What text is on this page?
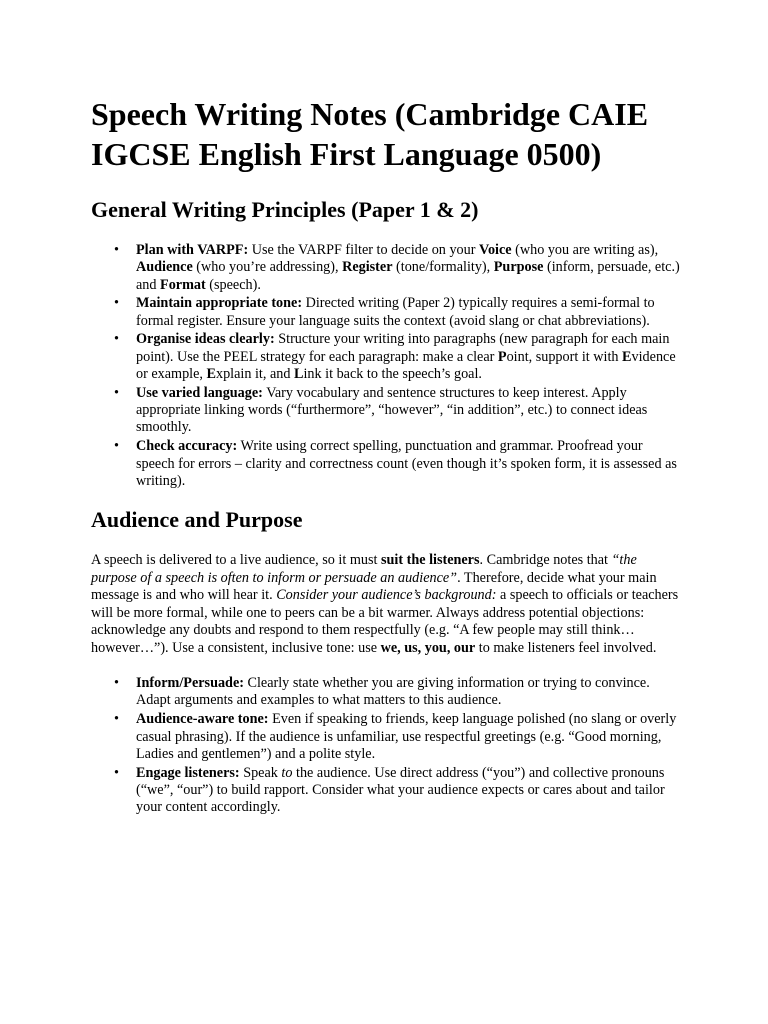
Speech Writing Notes (Cambridge CAIE IGCSE English First Language 0500)
General Writing Principles (Paper 1 & 2)
• Plan with VARPF: Use the VARPF filter to decide on your Voice (who you are writing as), Audience (who you’re addressing), Register (tone/formality), Purpose (inform, persuade, etc.) and Format (speech).
• Maintain appropriate tone: Directed writing (Paper 2) typically requires a semi-formal to formal register. Ensure your language suits the context (avoid slang or chat abbreviations).
• Organise ideas clearly: Structure your writing into paragraphs (new paragraph for each main point). Use the PEEL strategy for each paragraph: make a clear Point, support it with Evidence or example, Explain it, and Link it back to the speech’s goal.
• Use varied language: Vary vocabulary and sentence structures to keep interest. Apply appropriate linking words (“furthermore”, “however”, “in addition”, etc.) to connect ideas smoothly.
• Check accuracy: Write using correct spelling, punctuation and grammar. Proofread your speech for errors – clarity and correctness count (even though it’s spoken form, it is assessed as writing).
Audience and Purpose

A speech is delivered to a live audience, so it must suit the listeners. Cambridge notes that “the purpose of a speech is often to inform or persuade an audience”. Therefore, decide what your main message is and who will hear it. Consider your audience’s background: a speech to officials or teachers will be more formal, while one to peers can be a bit warmer. Always address potential objections: acknowledge any doubts and respond to them respectfully (e.g. “A few people may still think… however…”). Use a consistent, inclusive tone: use we, us, you, our to make listeners feel involved.

• Inform/Persuade: Clearly state whether you are giving information or trying to convince. Adapt arguments and examples to what matters to this audience.
• Audience-aware tone: Even if speaking to friends, keep language polished (no slang or overly casual phrasing). If the audience is unfamiliar, use respectful greetings (e.g. “Good morning, Ladies and gentlemen”) and a polite style.
• Engage listeners: Speak to the audience. Use direct address (“you”) and collective pronouns (“we”, “our”) to build rapport. Consider what your audience expects or cares about and tailor your content accordingly.
